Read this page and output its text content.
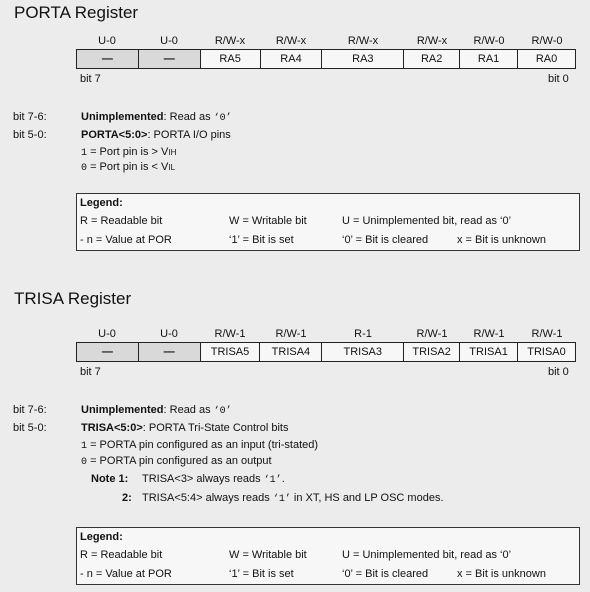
PORTA Register
U-0	U-0	R/W-x	R/W-x	R/W-x	R/W-x	R/W-0	R/W-0
—	—	RA5	RA4	RA3	RA2	RA1	RA0
bit 7	bit 0
bit 7-6:	Unimplemented: Read as ‘0’
bit 5-0:	PORTA<5:0>: PORTA I/O pins
1 = Port pin is > VIH
0 = Port pin is < VIL
Legend:
R = Readable bit	W = Writable bit	U = Unimplemented bit, read as ‘0’
- n = Value at POR	‘1’ = Bit is set	‘0’ = Bit is cleared	x = Bit is unknown
TRISA Register
U-0	U-0	R/W-1	R/W-1	R-1	R/W-1	R/W-1	R/W-1
—	—	TRISA5	TRISA4	TRISA3	TRISA2	TRISA1	TRISA0
bit 7	bit 0
bit 7-6:	Unimplemented: Read as ‘0’
bit 5-0:	TRISA<5:0>: PORTA Tri-State Control bits
1 = PORTA pin configured as an input (tri-stated)
0 = PORTA pin configured as an output
Note 1: TRISA<3> always reads ‘1’.
2: TRISA<5:4> always reads ‘1’ in XT, HS and LP OSC modes.
Legend:
R = Readable bit	W = Writable bit	U = Unimplemented bit, read as ‘0’
- n = Value at POR	‘1’ = Bit is set	‘0’ = Bit is cleared	x = Bit is unknown
